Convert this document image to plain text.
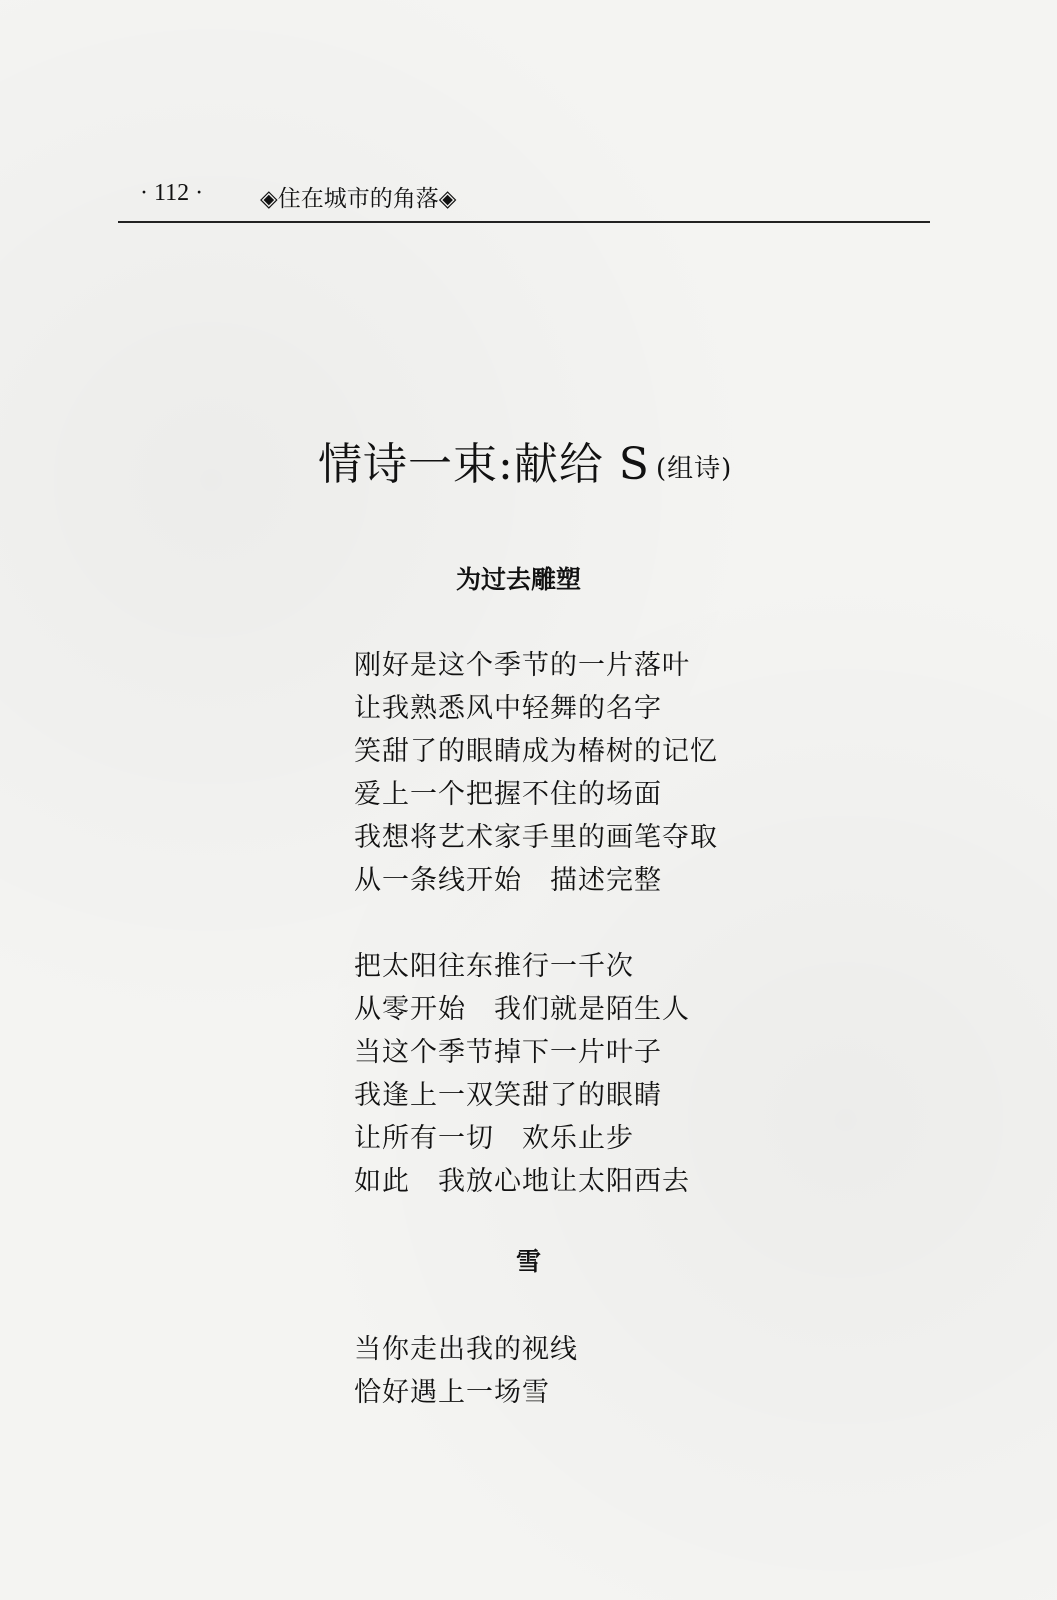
· 112 · ◈住在城市的角落◈
情诗一束:献给 S (组诗)
为过去雕塑
刚好是这个季节的一片落叶
让我熟悉风中轻舞的名字
笑甜了的眼睛成为椿树的记忆
爱上一个把握不住的场面
我想将艺术家手里的画笔夺取
从一条线开始　描述完整
把太阳往东推行一千次
从零开始　我们就是陌生人
当这个季节掉下一片叶子
我逢上一双笑甜了的眼睛
让所有一切　欢乐止步
如此　我放心地让太阳西去
雪
当你走出我的视线
恰好遇上一场雪
